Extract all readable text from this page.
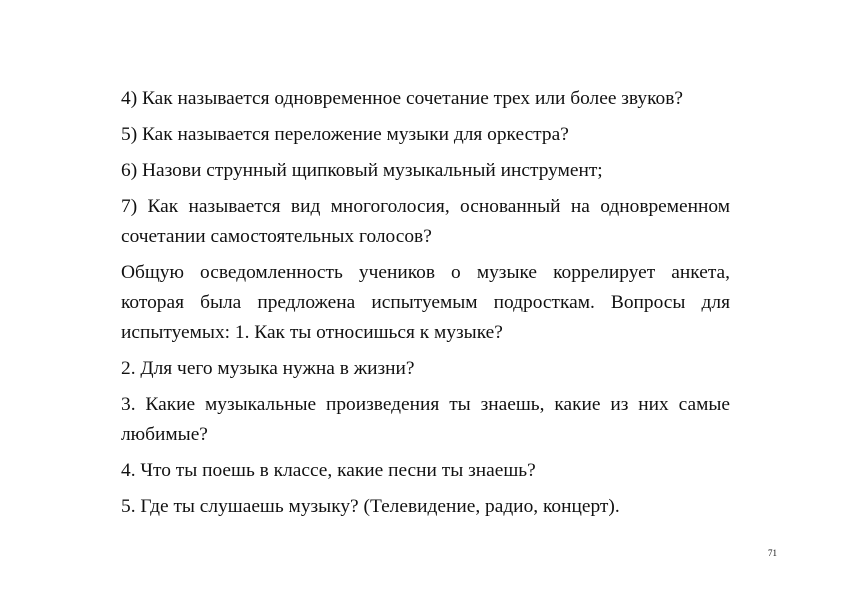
4) Как называется одновременное сочетание трех или более звуков?

5) Как называется переложение музыки для оркестра?

6) Назови струнный щипковый музыкальный инструмент;

7) Как называется вид многоголосия, основанный на одновременном сочетании самостоятельных голосов?

Общую осведомленность учеников о музыке коррелирует анкета, которая была предложена испытуемым подросткам. Вопросы для испытуемых: 1. Как ты относишься к музыке?

2. Для чего музыка нужна в жизни?

3. Какие музыкальные произведения ты знаешь, какие из них самые любимые?

4. Что ты поешь в классе, какие песни ты знаешь?

5. Где ты слушаешь музыку? (Телевидение, радио, концерт).

71
